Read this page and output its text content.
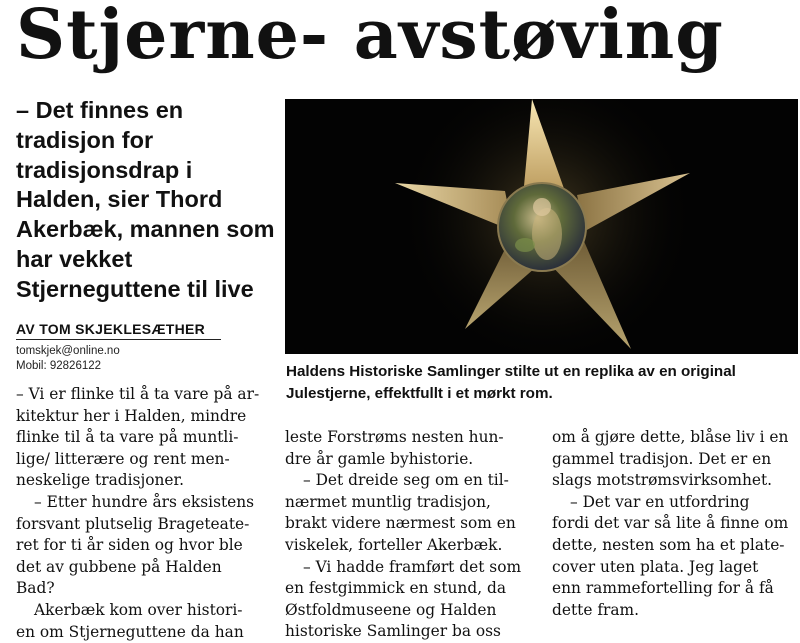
Stjerne- avstøving

– Det finnes en tradisjon for tradisjonsdrap i Halden, sier Thord Akerbæk, mannen som har vekket Stjerneguttene til live

AV TOM SKJEKLESÆTHER
tomskjek@online.no
Mobil: 92826122	Haldens Historiske Samlinger stilte ut en replika av en original Julestjerne, effektfullt i et mørkt rom.

– Vi er flinke til å ta vare på ar-
kitektur her i Halden, mindre
flinke til å ta vare på muntli-
lige/ litterære og rent men-
neskelige tradisjoner.

– Etter hundre års eksistens
forsvant plutselig Brageteate-
ret for ti år siden og hvor ble
det av gubbene på Halden
Bad?

Akerbæk kom over histori-
en om Stjerneguttene da han

leste Forstrøms nesten hun-
dre år gamle byhistorie.

– Det dreide seg om en til-
nærmet muntlig tradisjon,
brakt videre nærmest som en
viskelek, forteller Akerbæk.

– Vi hadde framført det som
en festgimmick en stund, da
Østfoldmuseene og Halden
historiske Samlinger ba oss

om å gjøre dette, blåse liv i en
gammel tradisjon. Det er en
slags motstrømsvirksomhet.

– Det var en utfordring
fordi det var så lite å finne om
dette, nesten som ha et plate-
cover uten plata. Jeg laget
enn rammefortelling for å få
dette fram.
